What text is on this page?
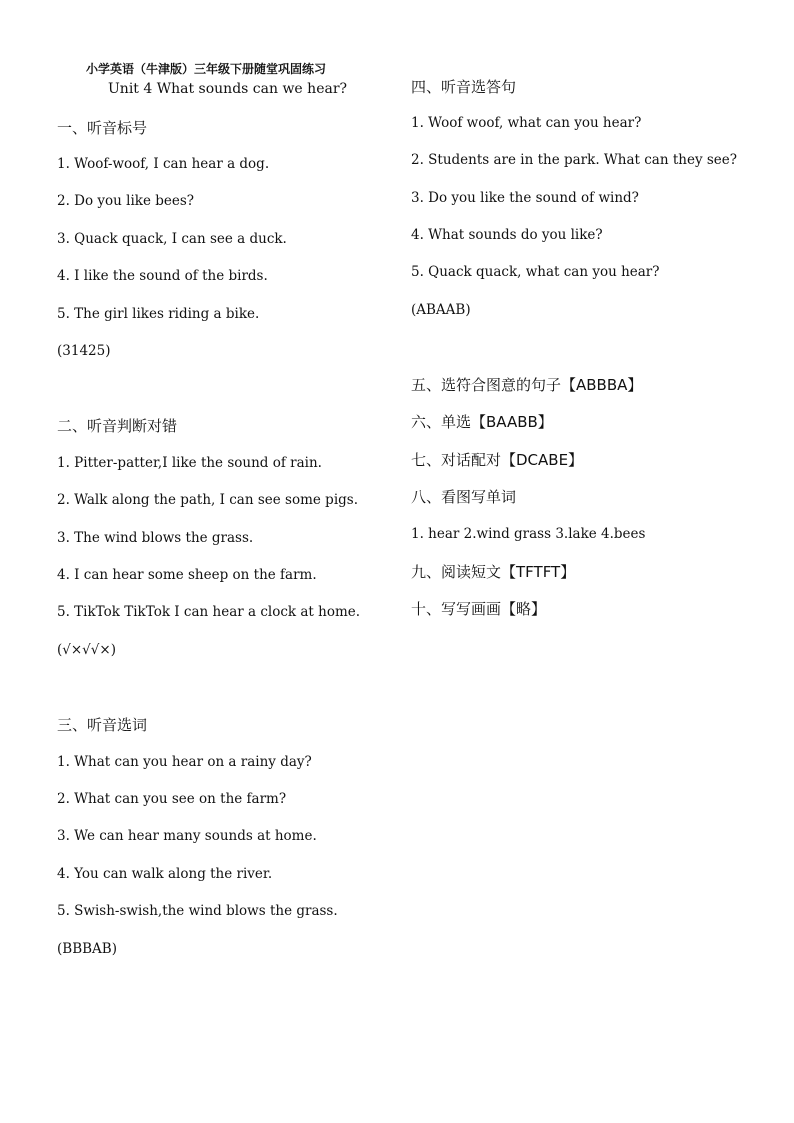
小学英语（牛津版）三年级下册随堂巩固练习
Unit 4 What sounds can we hear?
一、听音标号
1. Woof-woof, I can hear a dog.
2. Do you like bees?
3. Quack quack, I can see a duck.
4. I like the sound of the birds.
5. The girl likes riding a bike.
(31425)
二、听音判断对错
1. Pitter-patter,I like the sound of rain.
2. Walk along the path, I can see some pigs.
3. The wind blows the grass.
4. I can hear some sheep on the farm.
5. TikTok TikTok I can hear a clock at home.
(√×√√×)
三、听音选词
1. What can you hear on a rainy day?
2. What can you see on the farm?
3. We can hear many sounds at home.
4. You can walk along the river.
5. Swish-swish,the wind blows the grass.
(BBBAB)
四、听音选答句
1. Woof woof, what can you hear?
2. Students are in the park. What can they see?
3. Do you like the sound of wind?
4. What sounds do you like?
5. Quack quack, what can you hear?
(ABAAB)
五、选符合图意的句子【ABBBA】
六、单选【BAABB】
七、对话配对【DCABE】
八、看图写单词
1. hear 2.wind grass 3.lake 4.bees
九、阅读短文【TFTFT】
十、写写画画【略】
